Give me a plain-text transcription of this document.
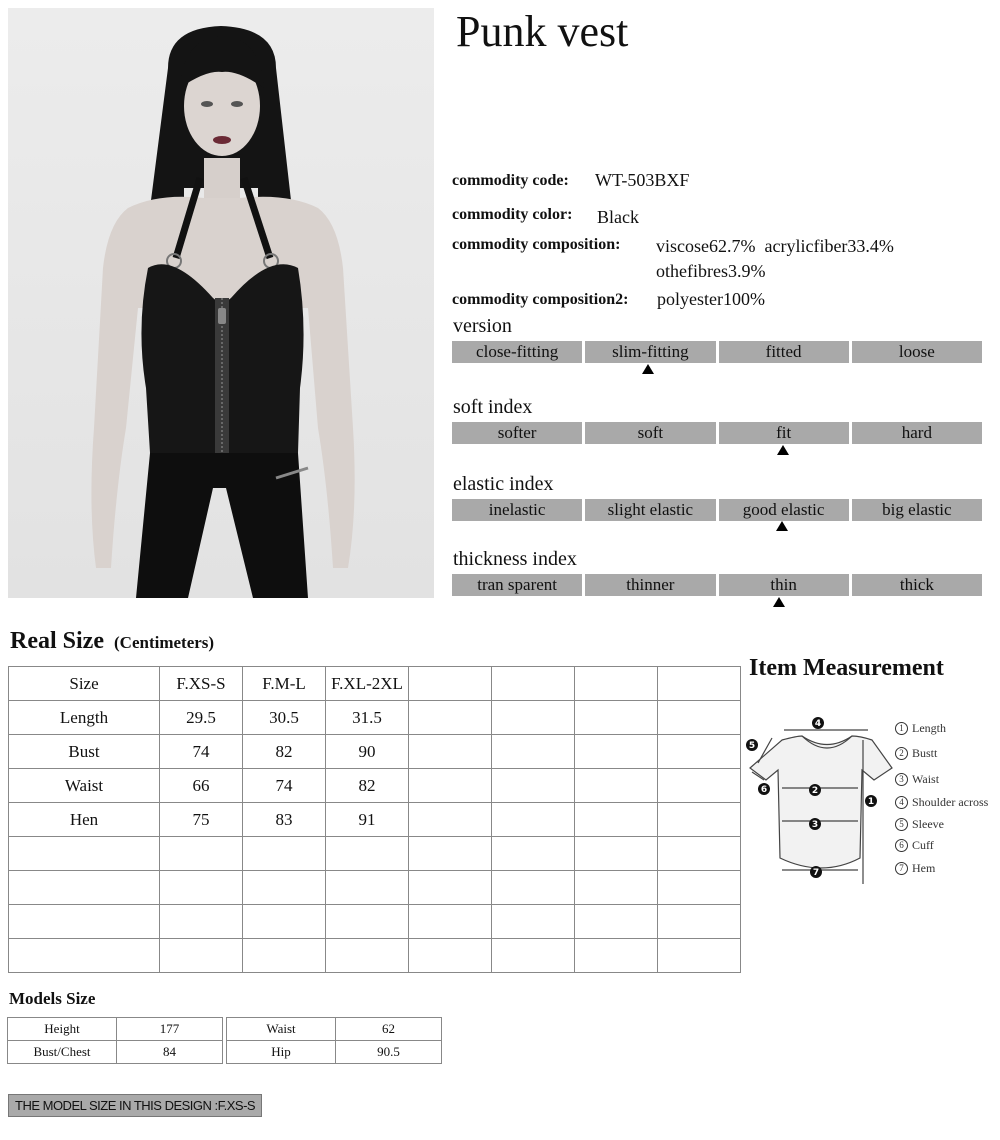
Punk vest
commodity code: WT-503BXF
commodity color: Black
commodity composition: viscose62.7%  acrylicfiber33.4%
othefibres3.9%
commodity composition2: polyester100%
version
close-fitting	slim-fitting	fitted	loose
soft index
softer	soft	fit	hard
elastic index
inelastic	slight elastic	good elastic	big elastic
thickness index
tran sparent	thinner	thin	thick
Real Size (Centimeters)
Size	F.XS-S	F.M-L	F.XL-2XL				
Length	29.5	30.5	31.5				
Bust	74	82	90				
Waist	66	74	82				
Hen	75	83	91				

Item Measurement
4
5
6	2
1
3
7
1 Length
2 Bustt
3 Waist
4 Shoulder across
5 Sleeve
6 Cuff
7 Hem
Models Size
Height	177
Bust/Chest	84
Waist	62
Hip	90.5
THE MODEL SIZE IN THIS DESIGN :F.XS-S
